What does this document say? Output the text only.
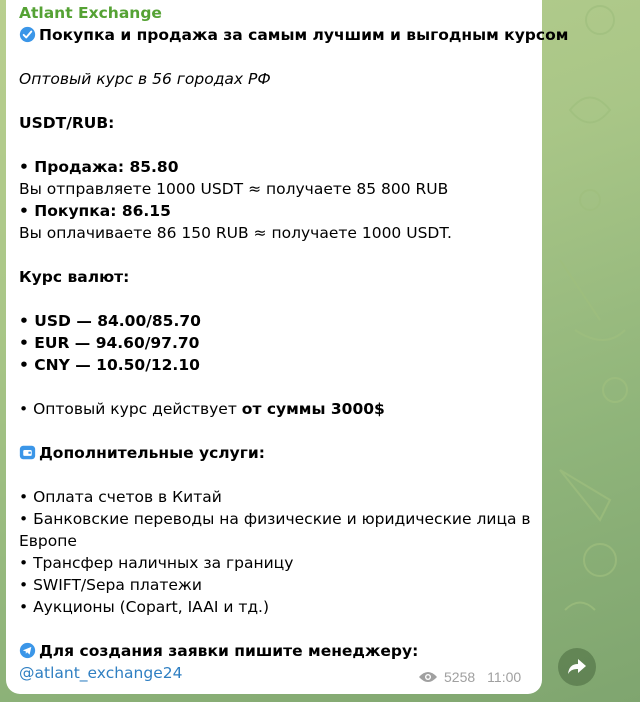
Atlant Exchange
Покупка и продажа за самым лучшим и выгодным курсом
Оптовый курс в 56 городах РФ
USDT/RUB:
• Продажа: 85.80
Вы отправляете 1000 USDT ≈ получаете 85 800 RUB
• Покупка: 86.15
Вы оплачиваете 86 150 RUB ≈ получаете 1000 USDT.
Курс валют:
• USD — 84.00/85.70
• EUR — 94.60/97.70
• CNY — 10.50/12.10
• Оптовый курс действует от суммы 3000$
Дополнительные услуги:
• Оплата счетов в Китай
• Банковские переводы на физические и юридические лица в Европе
• Трансфер наличных за границу
• SWIFT/Sepa платежи
• Аукционы (Copart, IAAI и тд.)
Для создания заявки пишите менеджеру:
@atlant_exchange24	5258 11:00
